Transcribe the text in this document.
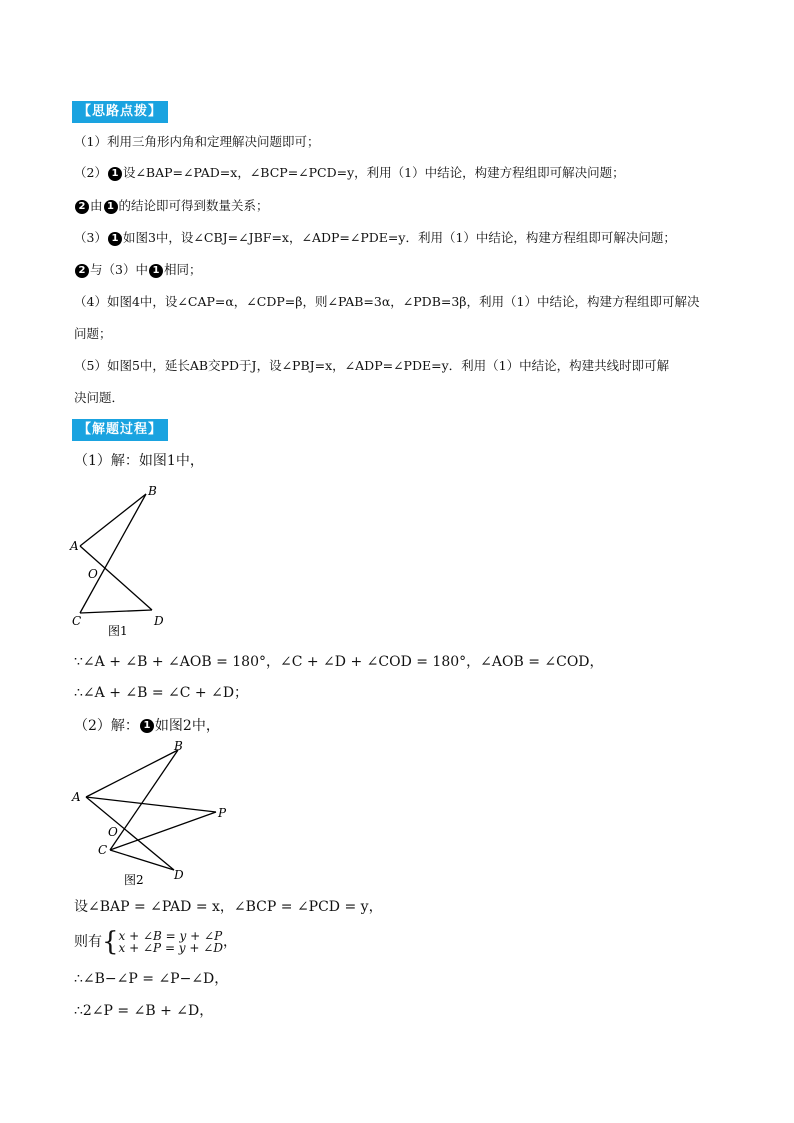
【思路点拨】
（1）利用三角形内角和定理解决问题即可；
（2） 1 设∠BAP=∠PAD=x，∠BCP=∠PCD=y，利用（1）中结论，构建方程组即可解决问题；
2 由 1 的结论即可得到数量关系；
（3） 1 如图3中，设∠CBJ=∠JBF=x，∠ADP=∠PDE=y．利用（1）中结论，构建方程组即可解决问题；
2 与（3）中 1 相同；
（4）如图4中，设∠CAP=α，∠CDP=β，则∠PAB=3α，∠PDB=3β，利用（1）中结论，构建方程组即可解决
问题；
（5）如图5中，延长AB交PD于J，设∠PBJ=x，∠ADP=∠PDE=y．利用（1）中结论，构建共线时即可解
决问题．
【解题过程】
（1）解：如图1中，
B
A
O
C	D
图1
∵∠A + ∠B + ∠AOB = 180°，∠C + ∠D + ∠COD = 180°，∠AOB = ∠COD，
∴∠A + ∠B = ∠C + ∠D；
（2）解： 1 如图2中，
B
A
P
O
C
D
图2
设∠BAP = ∠PAD = x，∠BCP = ∠PCD = y，
则有{x + ∠B = y + ∠P
x + ∠P = y + ∠D，
∴∠B−∠P = ∠P−∠D，
∴2∠P = ∠B + ∠D，
